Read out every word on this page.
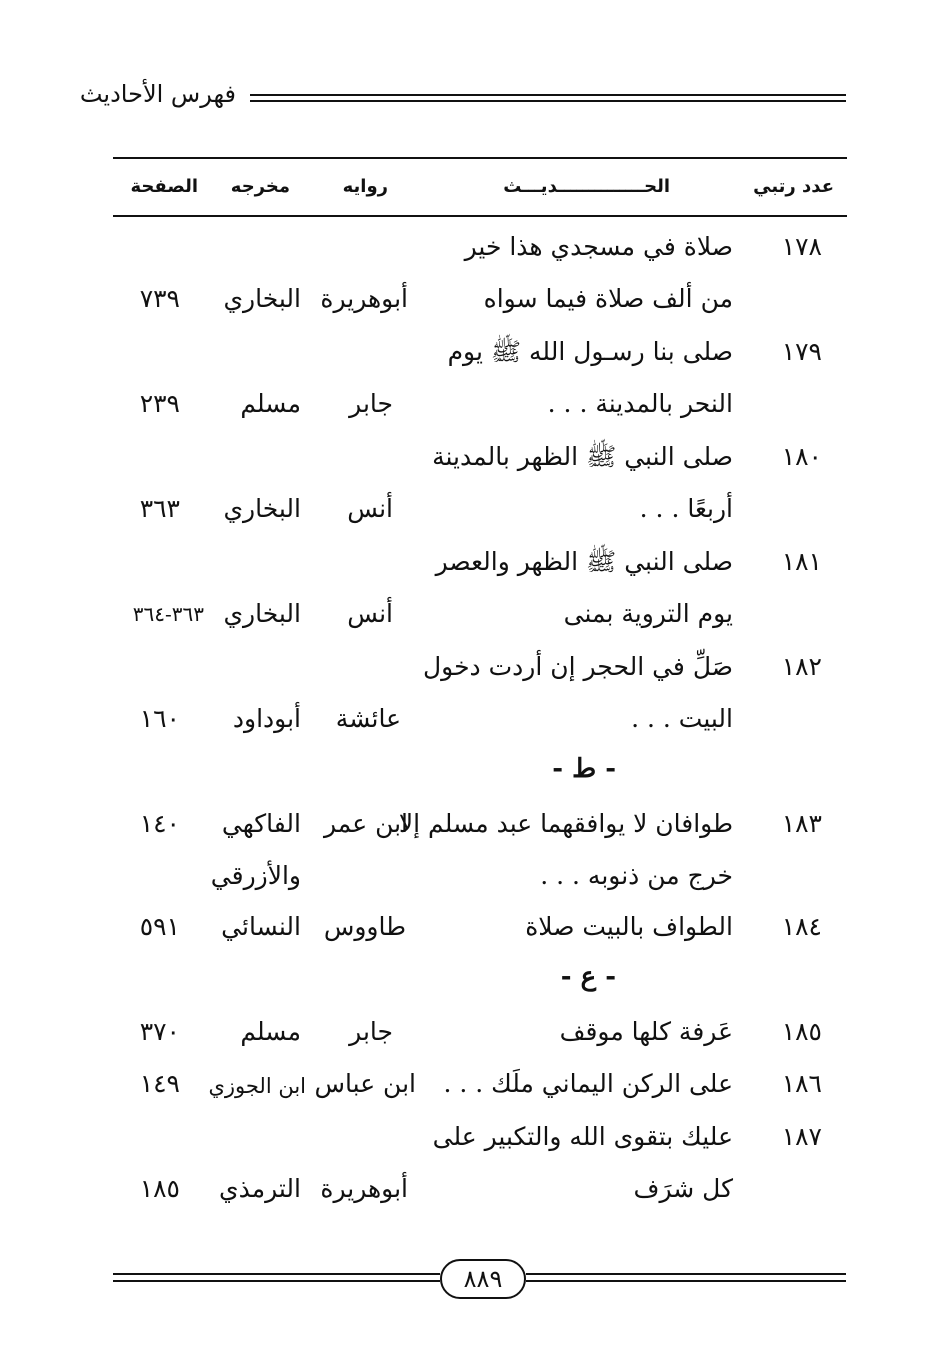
فهرس الأحاديث
عدد رتبي
الحــــــــــــــديـــث
روايه
مخرجه
الصفحة
١٧٨
صلاة في مسجدي هذا خير
من ألف صلاة فيما سواه
أبوهريرة
البخاري
٧٣٩
١٧٩
صلى بنا رسـول الله ﷺ يوم
النحر بالمدينة . . .
جابر
مسلم
٢٣٩
١٨٠
صلى النبي ﷺ الظهر بالمدينة
أربعًا . . .
أنس
البخاري
٣٦٣
١٨١
صلى النبي ﷺ الظهر والعصر
يوم التروية بمنى
أنس
البخاري
٣٦٣-٣٦٤
١٨٢
صَلِّ في الحجر إن أردت دخول
البيت . . .
عائشة
أبوداود
١٦٠
- ط -
١٨٣
طوافان لا يوافقهما عبد مسلم إلا
خرج من ذنوبه . . .
ابن عمر
الفاكهي
والأزرقي
١٤٠
١٨٤
الطواف بالبيت صلاة
طاووس
النسائي
٥٩١
- ع -
١٨٥
عَرفة كلها موقف
جابر
مسلم
٣٧٠
١٨٦
على الركن اليماني ملَك . . .
ابن عباس
ابن الجوزي
١٤٩
١٨٧
عليك بتقوى الله والتكبير على
كل شرَف
أبوهريرة
الترمذي
١٨٥
٨٨٩
